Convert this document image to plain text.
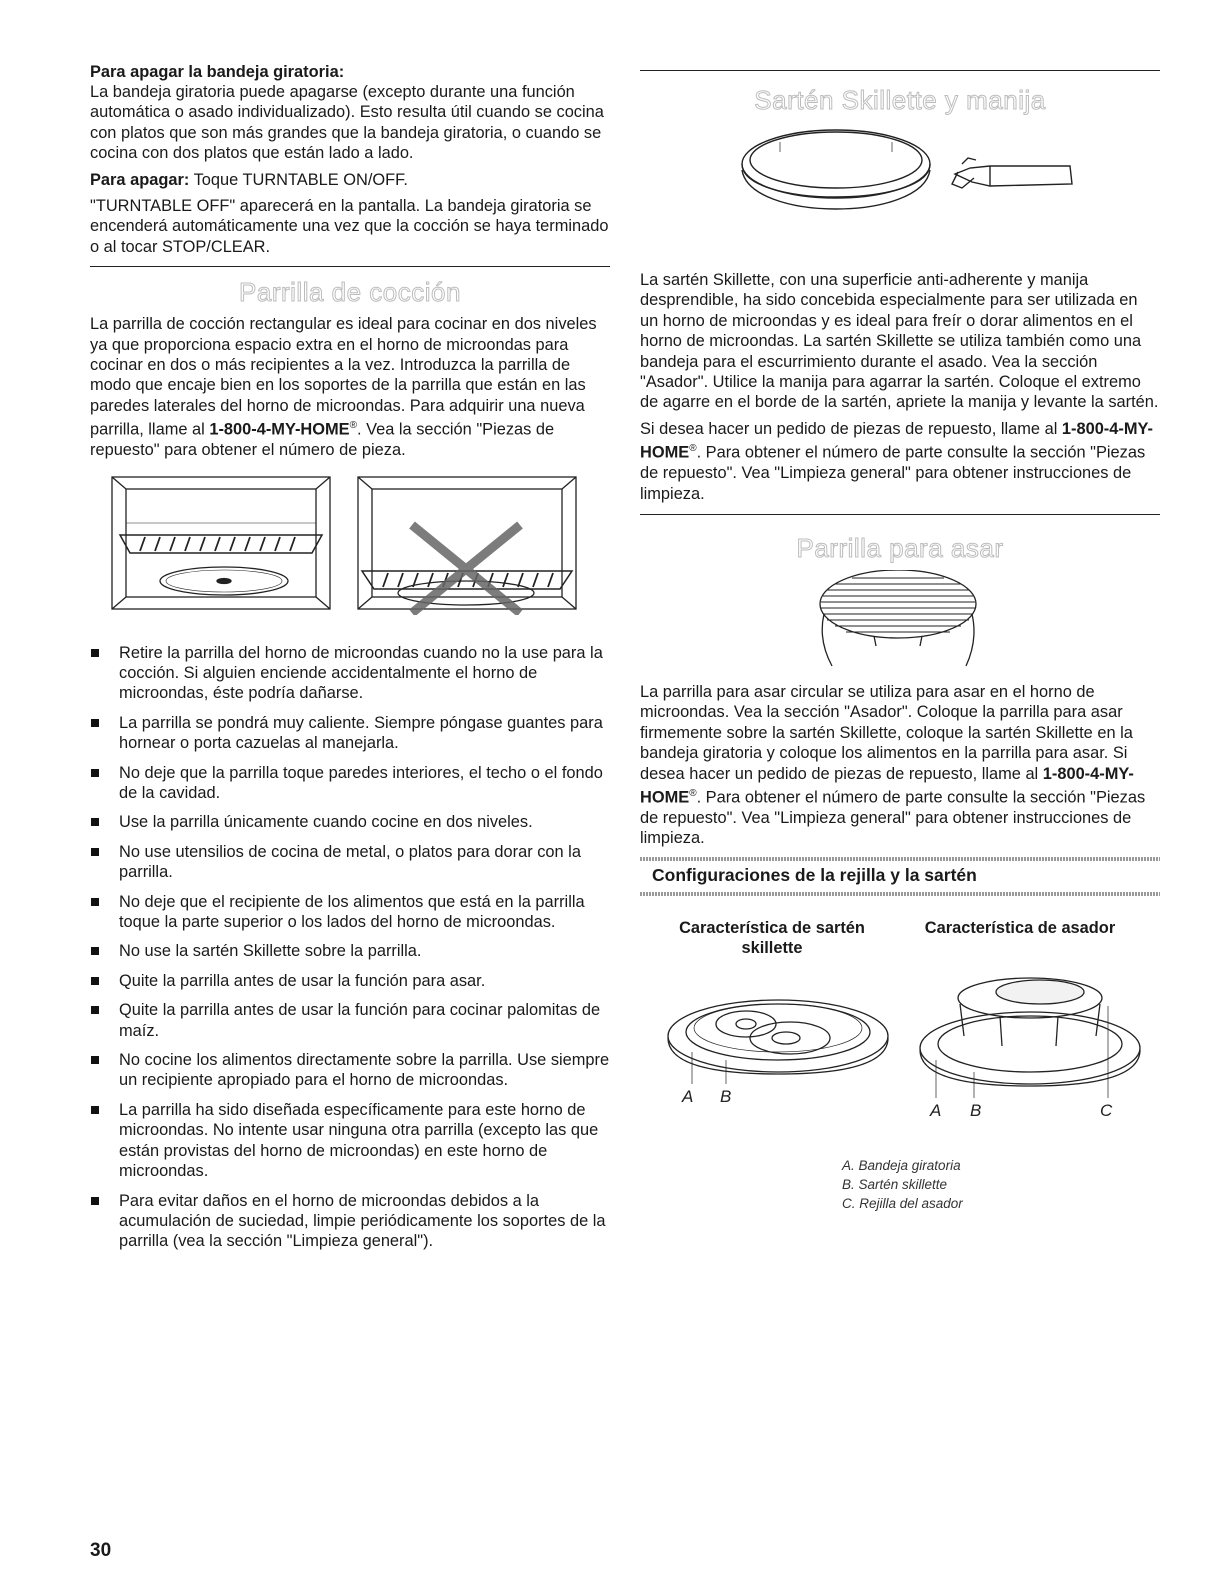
Para apagar la bandeja giratoria:

La bandeja giratoria puede apagarse (excepto durante una función automática o asado individualizado). Esto resulta útil cuando se cocina con platos que son más grandes que la bandeja giratoria, o cuando se cocina con dos platos que están lado a lado.

Para apagar: Toque TURNTABLE ON/OFF.

"TURNTABLE OFF" aparecerá en la pantalla. La bandeja giratoria se encenderá automáticamente una vez que la cocción se haya terminado o al tocar STOP/CLEAR.

Parrilla de cocción

La parrilla de cocción rectangular es ideal para cocinar en dos niveles ya que proporciona espacio extra en el horno de microondas para cocinar en dos o más recipientes a la vez. Introduzca la parrilla de modo que encaje bien en los soportes de la parrilla que están en las paredes laterales del horno de microondas. Para adquirir una nueva parrilla, llame al 1-800-4-MY-HOME®. Vea la sección "Piezas de repuesto" para obtener el número de pieza.

Retire la parrilla del horno de microondas cuando no la use para la cocción. Si alguien enciende accidentalmente el horno de microondas, éste podría dañarse.
La parrilla se pondrá muy caliente. Siempre póngase guantes para hornear o porta cazuelas al manejarla.
No deje que la parrilla toque paredes interiores, el techo o el fondo de la cavidad.
Use la parrilla únicamente cuando cocine en dos niveles.
No use utensilios de cocina de metal, o platos para dorar con la parrilla.
No deje que el recipiente de los alimentos que está en la parrilla toque la parte superior o los lados del horno de microondas.
No use la sartén Skillette sobre la parrilla.
Quite la parrilla antes de usar la función para asar.
Quite la parrilla antes de usar la función para cocinar palomitas de maíz.
No cocine los alimentos directamente sobre la parrilla. Use siempre un recipiente apropiado para el horno de microondas.
La parrilla ha sido diseñada específicamente para este horno de microondas. No intente usar ninguna otra parrilla (excepto las que están provistas del horno de microondas) en este horno de microondas.
Para evitar daños en el horno de microondas debidos a la acumulación de suciedad, limpie periódicamente los soportes de la parrilla (vea la sección "Limpieza general").
Sartén Skillette y manija

La sartén Skillette, con una superficie anti-adherente y manija desprendible, ha sido concebida especialmente para ser utilizada en un horno de microondas y es ideal para freír o dorar alimentos en el horno de microondas. La sartén Skillette se utiliza también como una bandeja para el escurrimiento durante el asado. Vea la sección "Asador". Utilice la manija para agarrar la sartén. Coloque el extremo de agarre en el borde de la sartén, apriete la manija y levante la sartén.

Si desea hacer un pedido de piezas de repuesto, llame al 1-800-4-MY-HOME®. Para obtener el número de parte consulte la sección "Piezas de repuesto". Vea "Limpieza general" para obtener instrucciones de limpieza.

Parrilla para asar

La parrilla para asar circular se utiliza para asar en el horno de microondas. Vea la sección "Asador". Coloque la parrilla para asar firmemente sobre la sartén Skillette, coloque la sartén Skillette en la bandeja giratoria y coloque los alimentos en la parrilla para asar. Si desea hacer un pedido de piezas de repuesto, llame al 1-800-4-MY-HOME®. Para obtener el número de parte consulte la sección "Piezas de repuesto". Vea "Limpieza general" para obtener instrucciones de limpieza.

Configuraciones de la rejilla y la sartén
Característica de sartén skillette
Característica de asador
A B
A B	C
A. Bandeja giratoria
B. Sartén skillette
C. Rejilla del asador
30
